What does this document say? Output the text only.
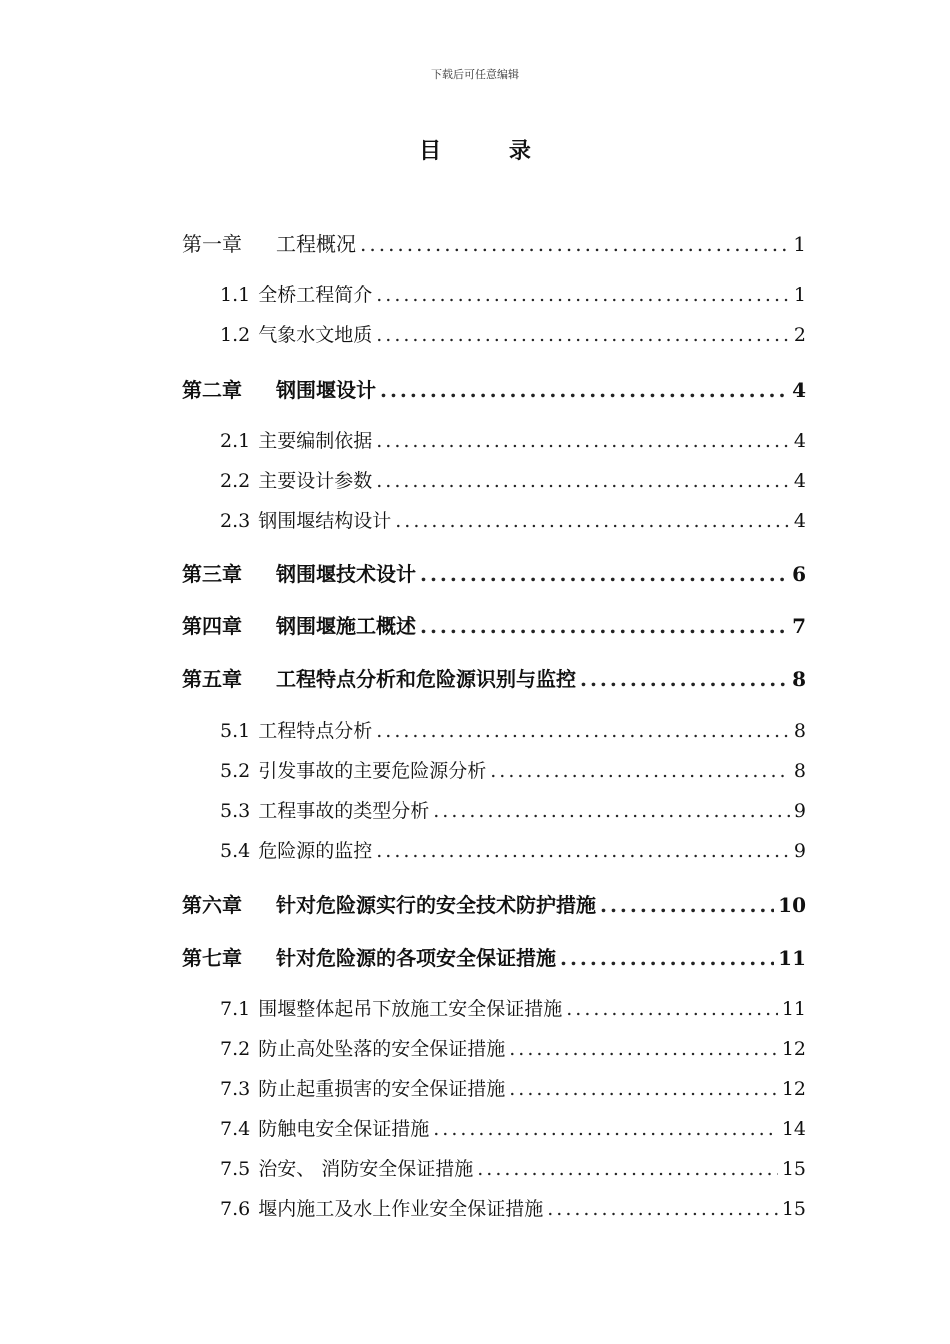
下载后可任意编辑
目 录
第一章	工程概况 .....	1
1.1 全桥工程简介 .....	1
1.2 气象水文地质 .....	2
第二章	钢围堰设计 .....	4
2.1 主要编制依据 .....	4
2.2 主要设计参数 .....	4
2.3 钢围堰结构设计 .....	4
第三章	钢围堰技术设计 .....	6
第四章	钢围堰施工概述 .....	7
第五章	工程特点分析和危险源识别与监控 .....	8
5.1 工程特点分析 .....	8
5.2 引发事故的主要危险源分析 .....	8
5.3 工程事故的类型分析 .....	9
5.4 危险源的监控 .....	9
第六章	针对危险源实行的安全技术防护措施 .....	10
第七章	针对危险源的各项安全保证措施 .....	11
7.1 围堰整体起吊下放施工安全保证措施 .....	11
7.2 防止高处坠落的安全保证措施 .....	12
7.3 防止起重损害的安全保证措施 .....	12
7.4 防触电安全保证措施 .....	14
7.5 治安、 消防安全保证措施 .....	15
7.6 堰内施工及水上作业安全保证措施 .....	15
